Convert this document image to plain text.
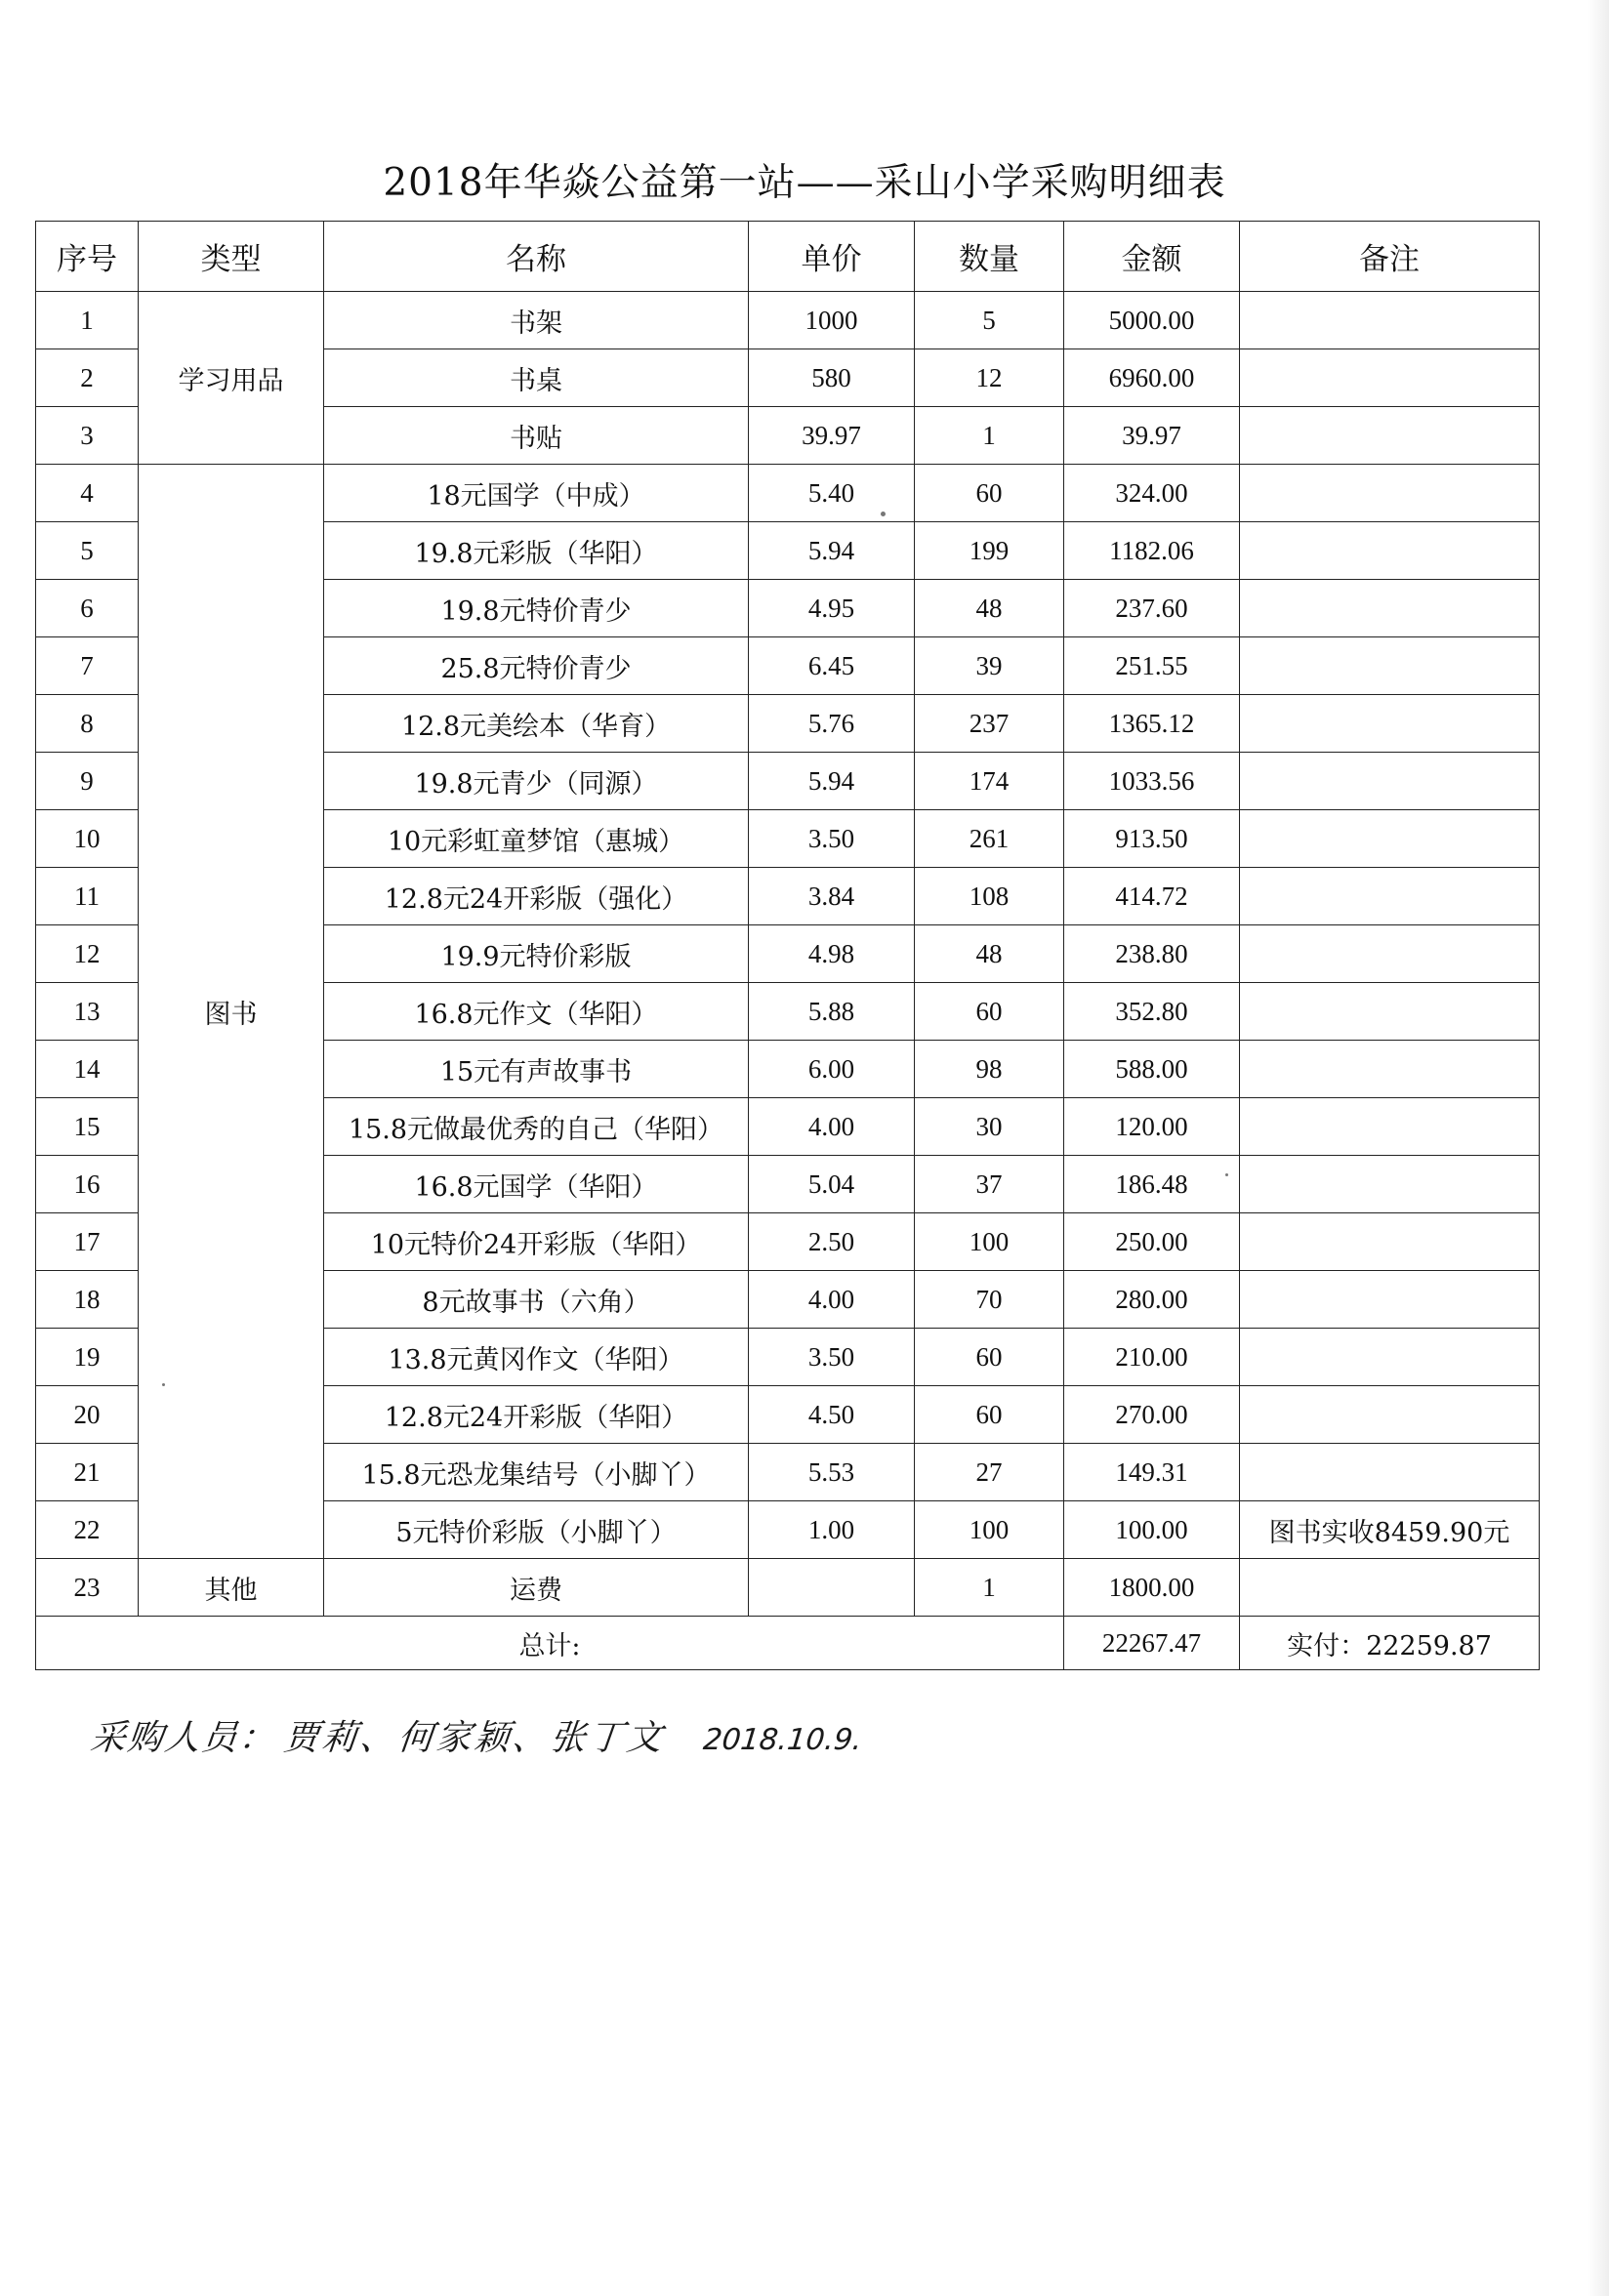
2018年华焱公益第一站——采山小学采购明细表
序号	类型	名称	单价	数量	金额	备注
1	学习用品	书架	1000	5	5000.00	
2		书桌	580	12	6960.00	
3		书贴	39.97	1	39.97	
4	图书	18元国学（中成）	5.40	60	324.00	
5		19.8元彩版（华阳）	5.94	199	1182.06	
6		19.8元特价青少	4.95	48	237.60	
7		25.8元特价青少	6.45	39	251.55	
8		12.8元美绘本（华育）	5.76	237	1365.12	
9		19.8元青少（同源）	5.94	174	1033.56	
10		10元彩虹童梦馆（惠城）	3.50	261	913.50	
11		12.8元24开彩版（强化）	3.84	108	414.72	
12		19.9元特价彩版	4.98	48	238.80	
13		16.8元作文（华阳）	5.88	60	352.80	
14		15元有声故事书	6.00	98	588.00	
15		15.8元做最优秀的自己（华阳）	4.00	30	120.00	
16		16.8元国学（华阳）	5.04	37	186.48	
17		10元特价24开彩版（华阳）	2.50	100	250.00	
18		8元故事书（六角）	4.00	70	280.00	
19		13.8元黄冈作文（华阳）	3.50	60	210.00	
20		12.8元24开彩版（华阳）	4.50	60	270.00	
21		15.8元恐龙集结号（小脚丫）	5.53	27	149.31	
22		5元特价彩版（小脚丫）	1.00	100	100.00	图书实收8459.90元
23	其他	运费		1	1800.00	
总计:					22267.47	实付：22259.87
采购人员： 贾莉、何家颖、张丁文 2018.10.9.
